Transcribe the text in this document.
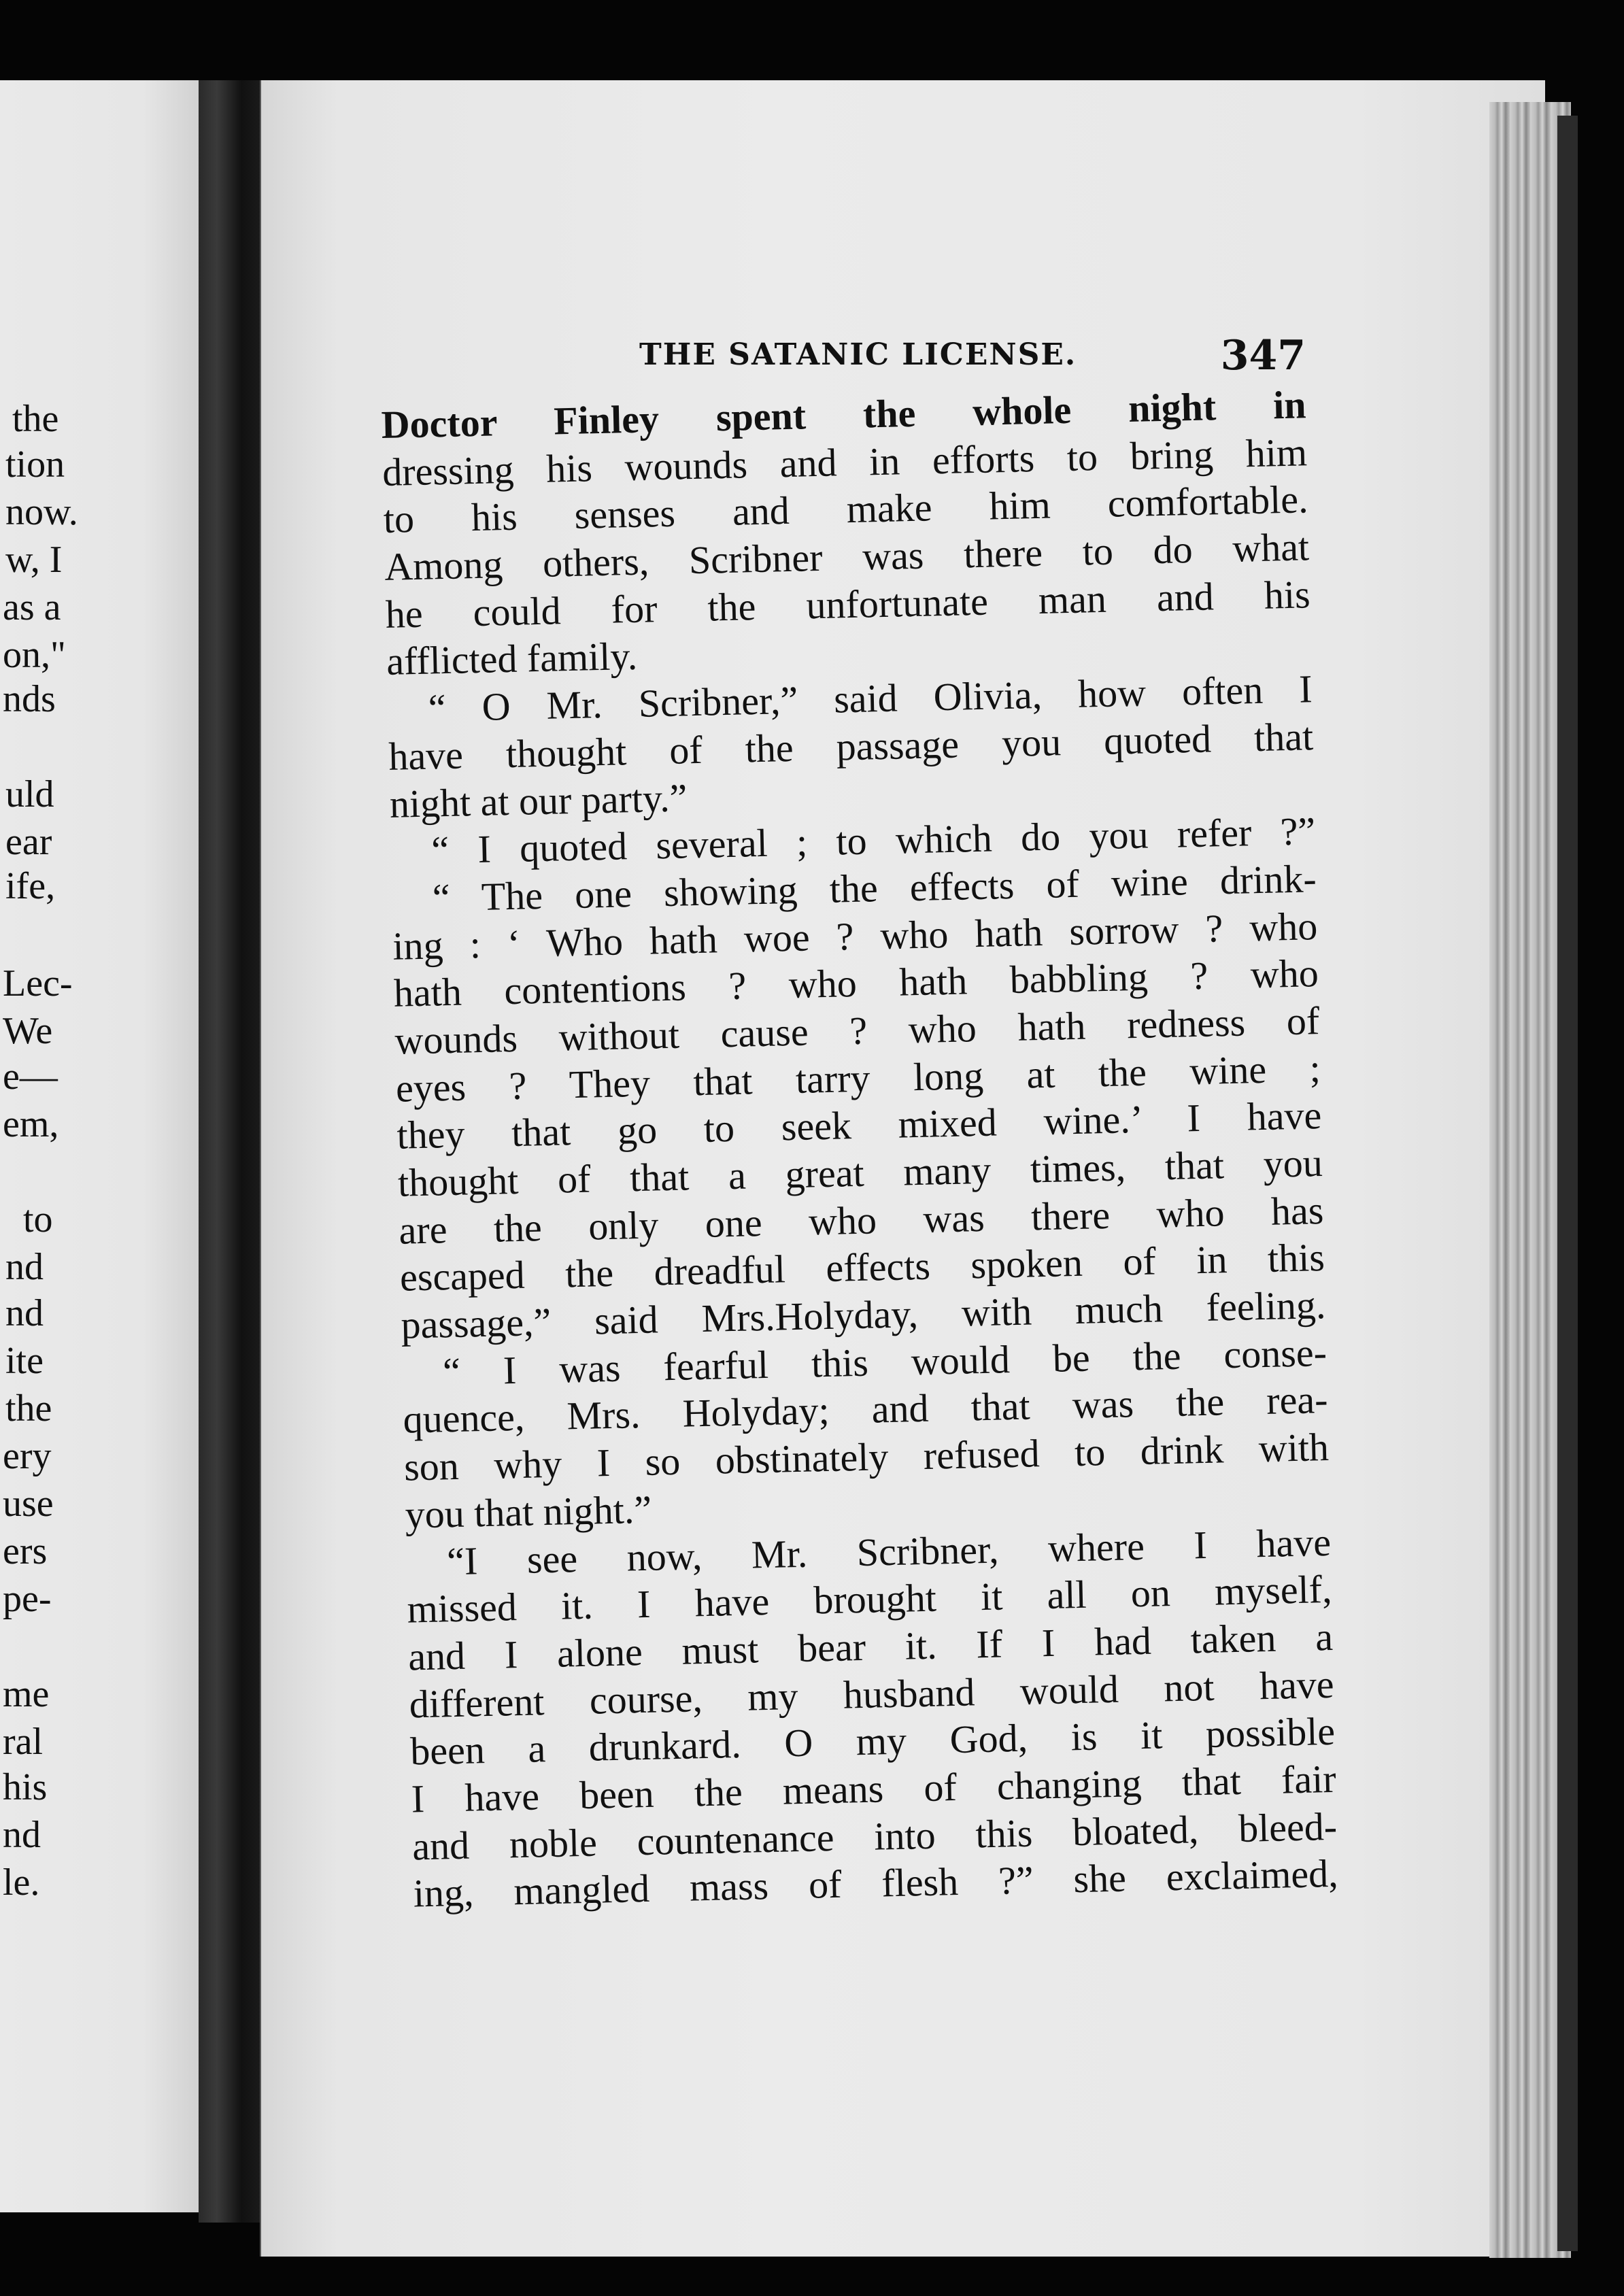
the
tion
now.
w, I
as a
on,"
nds
uld
ear
ife,
Lec-
We
e—
em,
to
nd
nd
ite
the
ery
use
ers
pe-
me
ral
his
nd
le.
THE SATANIC LICENSE.	347
Doctor Finley spent the whole night in
dressing his wounds and in efforts to bring him
to his senses and make him comfortable.
Among others, Scribner was there to do what
he could for the unfortunate man and his
afflicted family.
“ O Mr. Scribner,” said Olivia, how often I
have thought of the passage you quoted that
night at our party.”
“ I quoted several ; to which do you refer ?”
“ The one showing the effects of wine drink-
ing : ‘ Who hath woe ? who hath sorrow ? who
hath contentions ? who hath babbling ? who
wounds without cause ? who hath redness of
eyes ? They that tarry long at the wine ;
they that go to seek mixed wine.’ I have
thought of that a great many times, that you
are the only one who was there who has
escaped the dreadful effects spoken of in this
passage,” said Mrs.Holyday, with much feeling.
“ I was fearful this would be the conse-
quence, Mrs. Holyday; and that was the rea-
son why I so obstinately refused to drink with
you that night.”
“I see now, Mr. Scribner, where I have
missed it. I have brought it all on myself,
and I alone must bear it. If I had taken a
different course, my husband would not have
been a drunkard. O my God, is it possible
I have been the means of changing that fair
and noble countenance into this bloated, bleed-
ing, mangled mass of flesh ?” she exclaimed,
